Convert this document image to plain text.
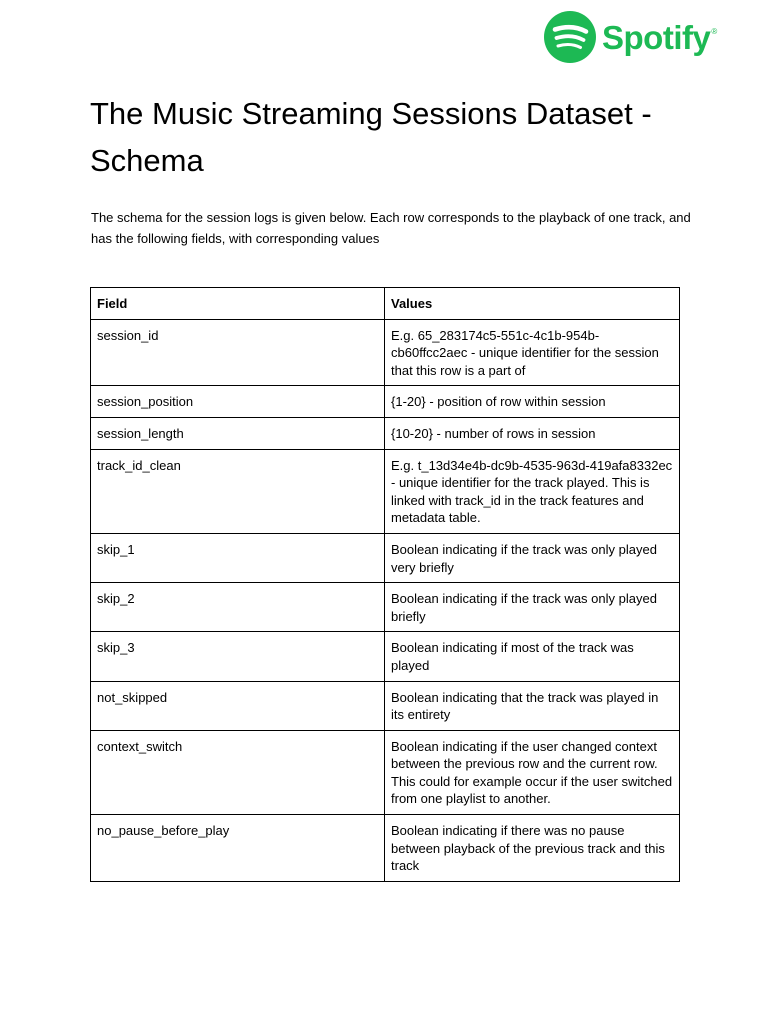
Spotify ®
The Music Streaming Sessions Dataset - Schema

The schema for the session logs is given below. Each row corresponds to the playback of one track, and has the following fields, with corresponding values

Field	Values
session_id	E.g. 65_283174c5-551c-4c1b-954b-cb60ffcc2aec - unique identifier for the session that this row is a part of
session_position	{1-20} - position of row within session
session_length	{10-20} - number of rows in session
track_id_clean	E.g. t_13d34e4b-dc9b-4535-963d-419afa8332ec - unique identifier for the track played. This is linked with track_id in the track features and metadata table.
skip_1	Boolean indicating if the track was only played very briefly
skip_2	Boolean indicating if the track was only played briefly
skip_3	Boolean indicating if most of the track was played
not_skipped	Boolean indicating that the track was played in its entirety
context_switch	Boolean indicating if the user changed context between the previous row and the current row. This could for example occur if the user switched from one playlist to another.
no_pause_before_play	Boolean indicating if there was no pause between playback of the previous track and this track
